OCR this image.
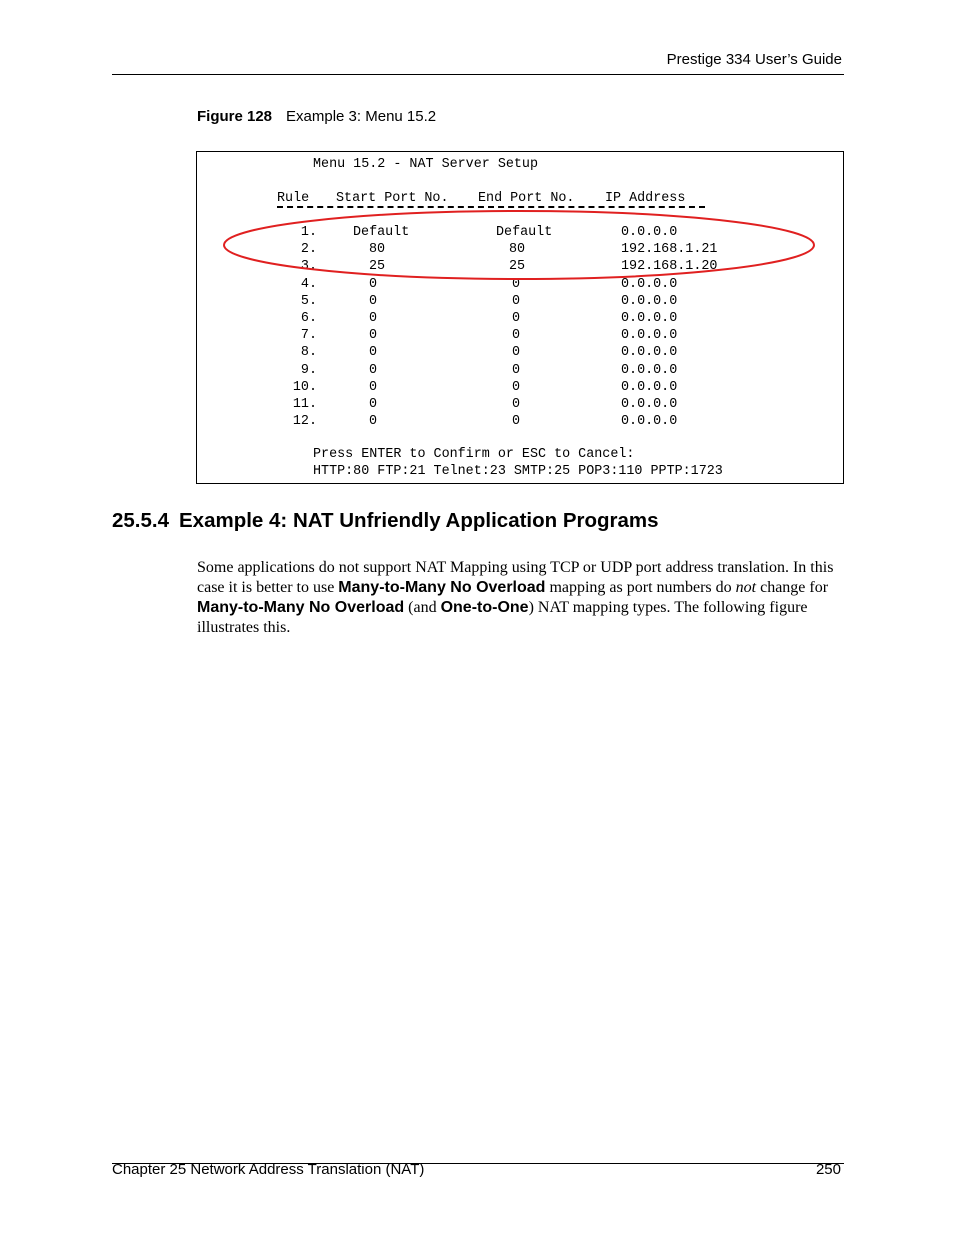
Prestige 334 User’s Guide
Figure 128 Example 3: Menu 15.2
Menu 15.2 - NAT Server Setup
Rule Start Port No. End Port No. IP Address
1.	Default	Default	0.0.0.0
2.	80	80	192.168.1.21
3.	25	25	192.168.1.20
4.	0	0	0.0.0.0
5.	0	0	0.0.0.0
6.	0	0	0.0.0.0
7.	0	0	0.0.0.0
8.	0	0	0.0.0.0
9.	0	0	0.0.0.0
10.	0	0	0.0.0.0
11.	0	0	0.0.0.0
12.	0	0	0.0.0.0
Press ENTER to Confirm or ESC to Cancel:
HTTP:80 FTP:21 Telnet:23 SMTP:25 POP3:110 PPTP:1723
25.5.4 Example 4: NAT Unfriendly Application Programs
Some applications do not support NAT Mapping using TCP or UDP port address translation. In this case it is better to use Many-to-Many No Overload mapping as port numbers do not change for Many-to-Many No Overload (and One-to-One) NAT mapping types. The following figure illustrates this.
Chapter 25 Network Address Translation (NAT)	250
